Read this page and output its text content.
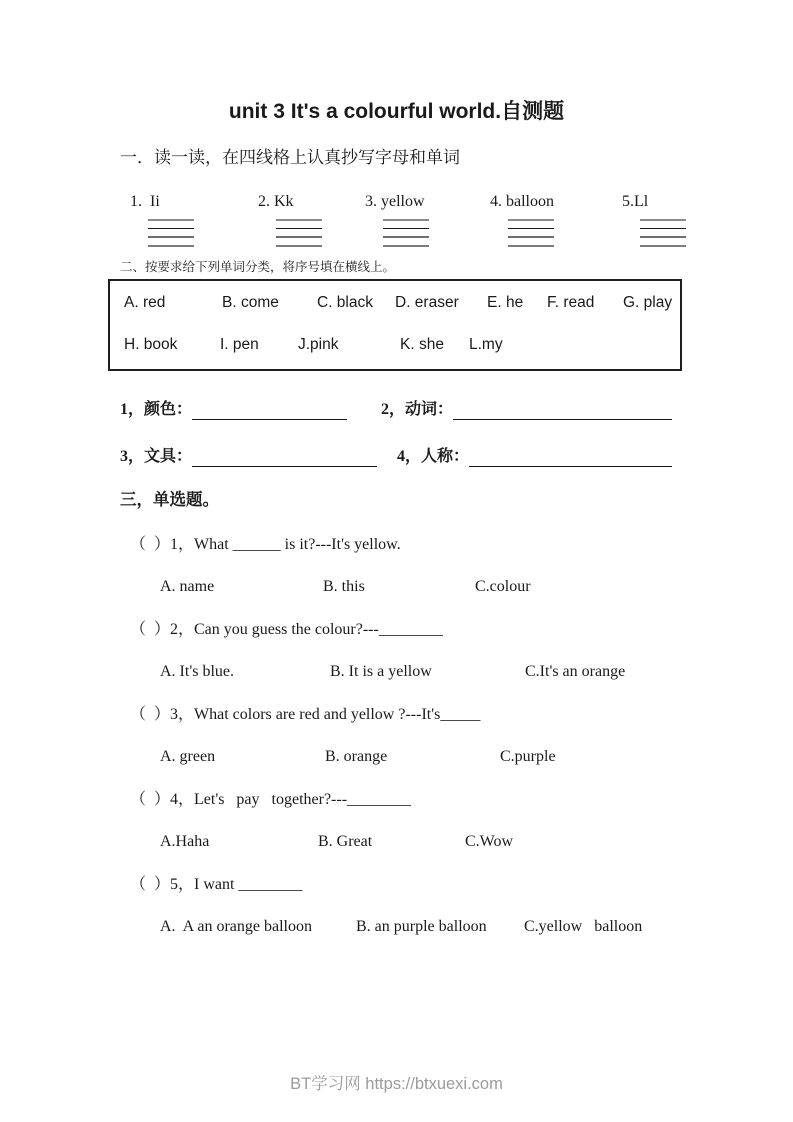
unit 3 It's a colourful world.自测题
一．读一读，在四线格上认真抄写字母和单词
1.  Ii	2. Kk	3. yellow	4. balloon	5.Ll
二、按要求给下列单词分类，将序号填在横线上。
A. red	B. come	C. black	D. eraser	E. he	F. read	G. play
H. book	I. pen	J.pink	K. she	L.my
1，颜色：	2，动词：
3，文具：	4，人称：
三，单选题。
（  ）1，What ______ is it?---It's yellow.
A. name	B. this	C.colour
（  ）2，Can you guess the colour?---________
A. It's blue.	B. It is a yellow	C.It's an orange
（  ）3，What colors are red and yellow ?---It's_____
A. green	B. orange	C.purple
（  ）4，Let's   pay   together?---________
A.Haha	B. Great	C.Wow
（  ）5，I want ________
A.  A an orange balloon	B. an purple balloon	C.yellow   balloon
BT学习网 https://btxuexi.com
